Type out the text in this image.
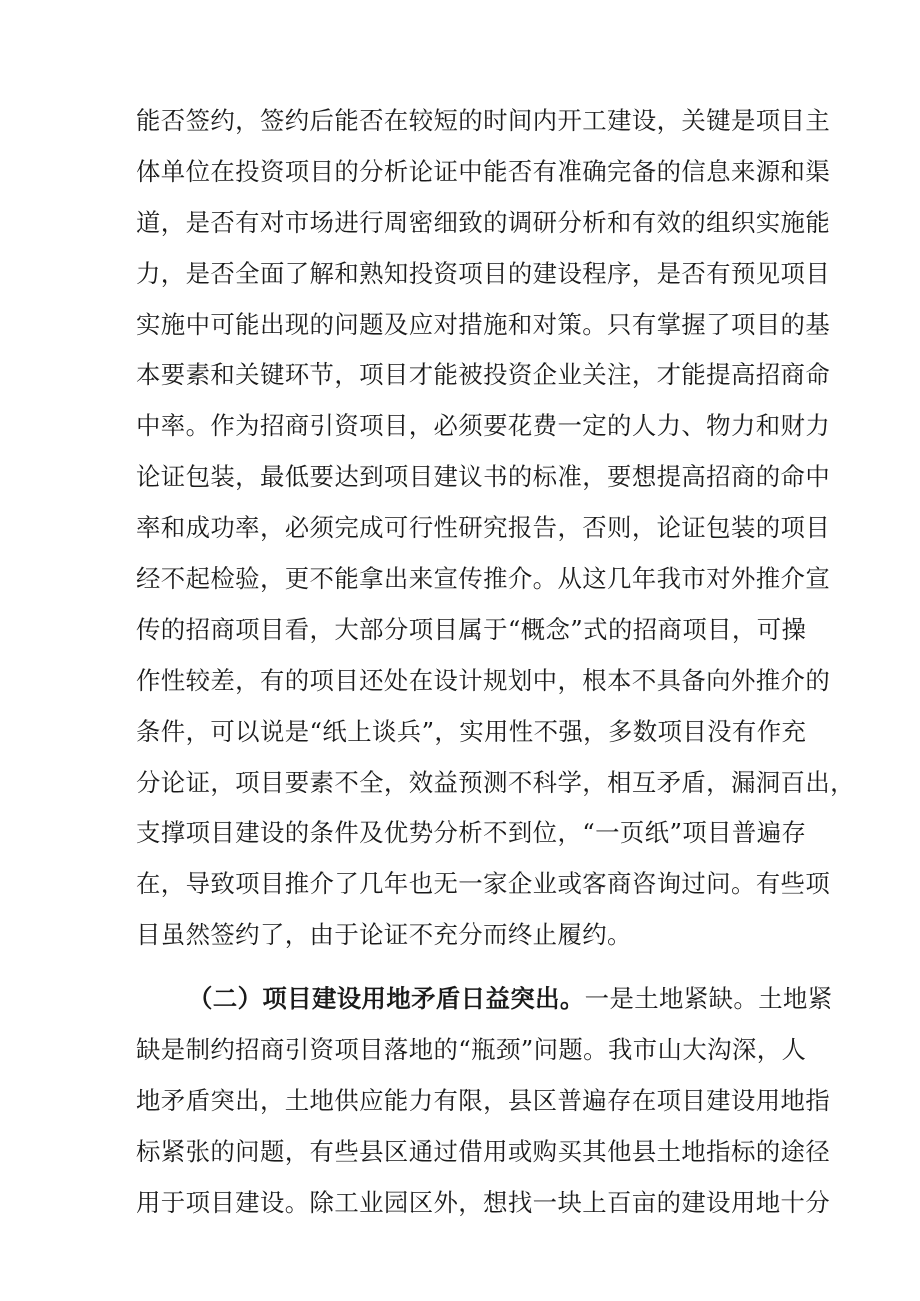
能否签约，签约后能否在较短的时间内开工建设，关键是项目主
体单位在投资项目的分析论证中能否有准确完备的信息来源和渠
道，是否有对市场进行周密细致的调研分析和有效的组织实施能
力，是否全面了解和熟知投资项目的建设程序，是否有预见项目
实施中可能出现的问题及应对措施和对策。只有掌握了项目的基
本要素和关键环节，项目才能被投资企业关注，才能提高招商命
中率。作为招商引资项目，必须要花费一定的人力、物力和财力
论证包装，最低要达到项目建议书的标准，要想提高招商的命中
率和成功率，必须完成可行性研究报告，否则，论证包装的项目
经不起检验，更不能拿出来宣传推介。从这几年我市对外推介宣
传的招商项目看，大部分项目属于“概念”式的招商项目，可操
作性较差，有的项目还处在设计规划中，根本不具备向外推介的
条件，可以说是“纸上谈兵”，实用性不强，多数项目没有作充
分论证，项目要素不全，效益预测不科学，相互矛盾，漏洞百出，
支撑项目建设的条件及优势分析不到位，“一页纸”项目普遍存
在，导致项目推介了几年也无一家企业或客商咨询过问。有些项
目虽然签约了，由于论证不充分而终止履约。
（二）项目建设用地矛盾日益突出。一是土地紧缺。土地紧
缺是制约招商引资项目落地的“瓶颈”问题。我市山大沟深，人
地矛盾突出，土地供应能力有限，县区普遍存在项目建设用地指
标紧张的问题，有些县区通过借用或购买其他县土地指标的途径
用于项目建设。除工业园区外，想找一块上百亩的建设用地十分
